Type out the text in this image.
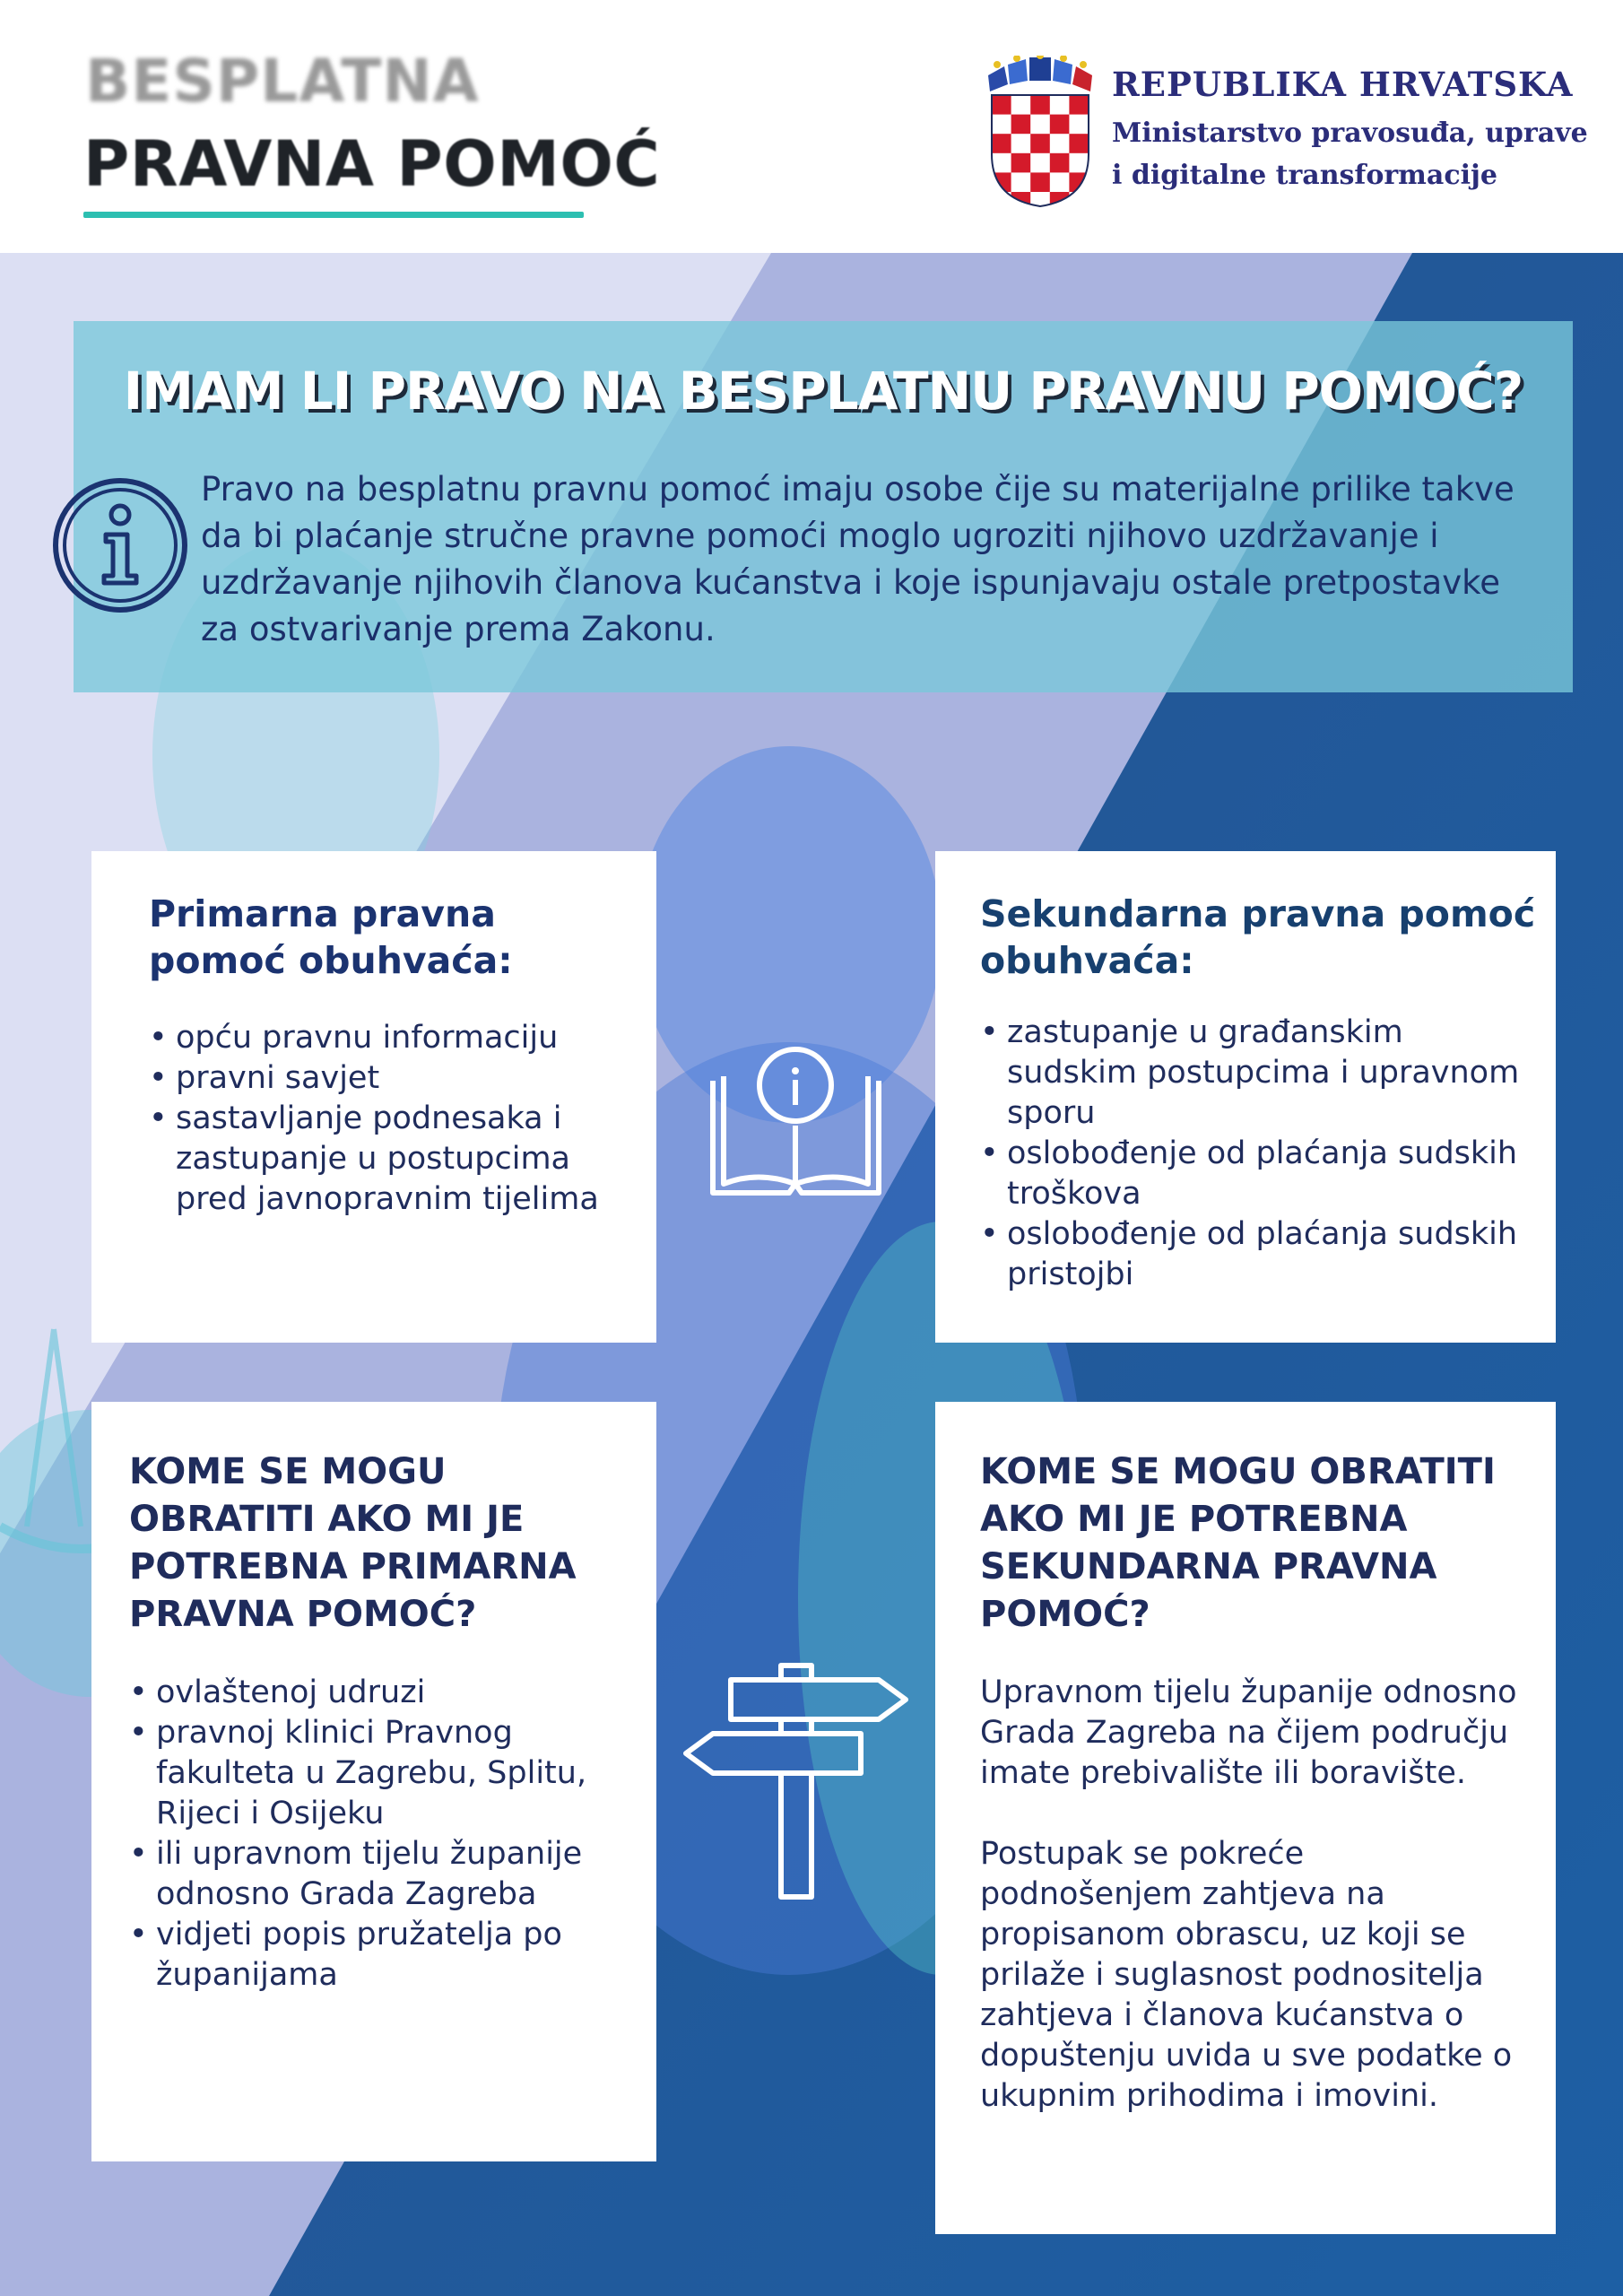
BESPLATNA
PRAVNA POMOĆ
REPUBLIKA HRVATSKA
Ministarstvo pravosuđa, uprave i digitalne transformacije
IMAM LI PRAVO NA BESPLATNU PRAVNU POMOĆ?
Pravo na besplatnu pravnu pomoć imaju osobe čije su materijalne prilike takve da bi plaćanje stručne pravne pomoći moglo ugroziti njihovo uzdržavanje i uzdržavanje njihovih članova kućanstva i koje ispunjavaju ostale pretpostavke za ostvarivanje prema Zakonu.
Primarna pravna pomoć obuhvaća:
• opću pravnu informaciju
• pravni savjet
• sastavljanje podnesaka i zastupanje u postupcima pred javnopravnim tijelima
Sekundarna pravna pomoć obuhvaća:
• zastupanje u građanskim sudskim postupcima i upravnom sporu
• oslobođenje od plaćanja sudskih troškova
• oslobođenje od plaćanja sudskih pristojbi
KOME SE MOGU OBRATITI AKO MI JE POTREBNA PRIMARNA PRAVNA POMOĆ?
• ovlaštenoj udruzi
• pravnoj klinici Pravnog fakulteta u Zagrebu, Splitu, Rijeci i Osijeku
• ili upravnom tijelu županije odnosno Grada Zagreba
• vidjeti popis pružatelja po županijama
KOME SE MOGU OBRATITI AKO MI JE POTREBNA SEKUNDARNA PRAVNA POMOĆ?

Upravnom tijelu županije odnosno Grada Zagreba na čijem području imate prebivalište ili boravište.

Postupak se pokreće podnošenjem zahtjeva na propisanom obrascu, uz koji se prilaže i suglasnost podnositelja zahtjeva i članova kućanstva o dopuštenju uvida u sve podatke o ukupnim prihodima i imovini.
